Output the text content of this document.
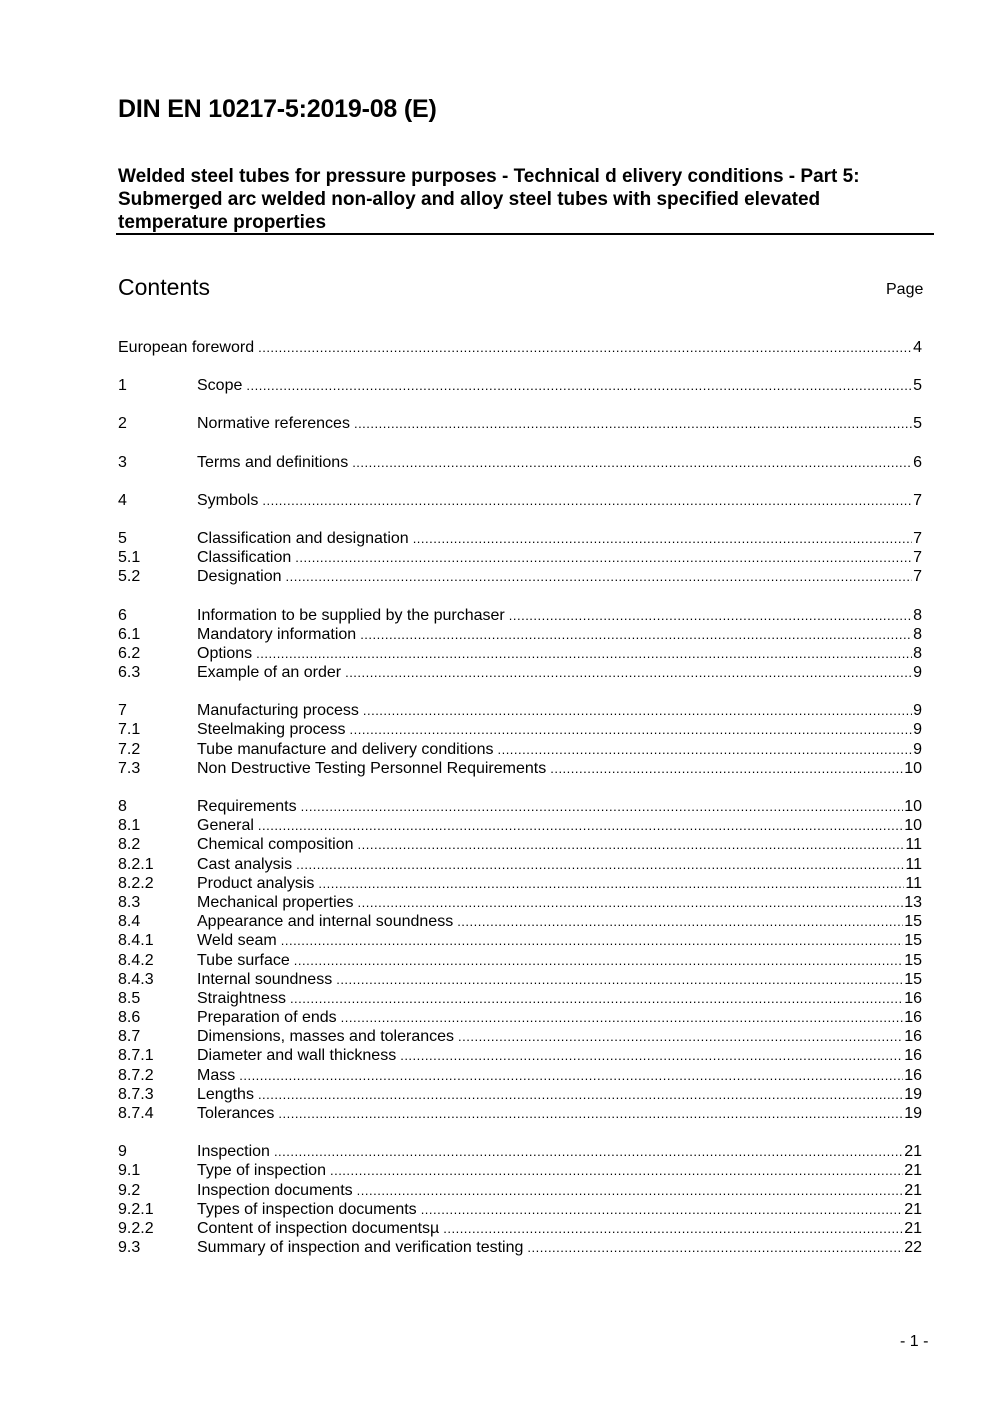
DIN EN 10217-5:2019-08 (E)
Welded steel tubes for pressure purposes - Technical d elivery conditions - Part 5: Submerged arc welded non-alloy and alloy steel tubes with specified elevated temperature properties
Contents	Page
European foreword .....	4
1	Scope .....	5
2	Normative references .....	5
3	Terms and definitions .....	6
4	Symbols .....	7
5	Classification and designation .....	7
5.1	Classification .....	7
5.2	Designation .....	7
6	Information to be supplied by the purchaser .....	8
6.1	Mandatory information .....	8
6.2	Options .....	8
6.3	Example of an order .....	9
7	Manufacturing process .....	9
7.1	Steelmaking process .....	9
7.2	Tube manufacture and delivery conditions .....	9
7.3	Non Destructive Testing Personnel Requirements .....	10
8	Requirements .....	10
8.1	General .....	10
8.2	Chemical composition .....	11
8.2.1	Cast analysis .....	11
8.2.2	Product analysis .....	11
8.3	Mechanical properties .....	13
8.4	Appearance and internal soundness .....	15
8.4.1	Weld seam .....	15
8.4.2	Tube surface .....	15
8.4.3	Internal soundness .....	15
8.5	Straightness .....	16
8.6	Preparation of ends .....	16
8.7	Dimensions, masses and tolerances .....	16
8.7.1	Diameter and wall thickness .....	16
8.7.2	Mass .....	16
8.7.3	Lengths .....	19
8.7.4	Tolerances .....	19
9	Inspection .....	21
9.1	Type of inspection .....	21
9.2	Inspection documents .....	21
9.2.1	Types of inspection documents .....	21
9.2.2	Content of inspection documentsµ .....	21
9.3	Summary of inspection and verification testing .....	22
- 1 -
